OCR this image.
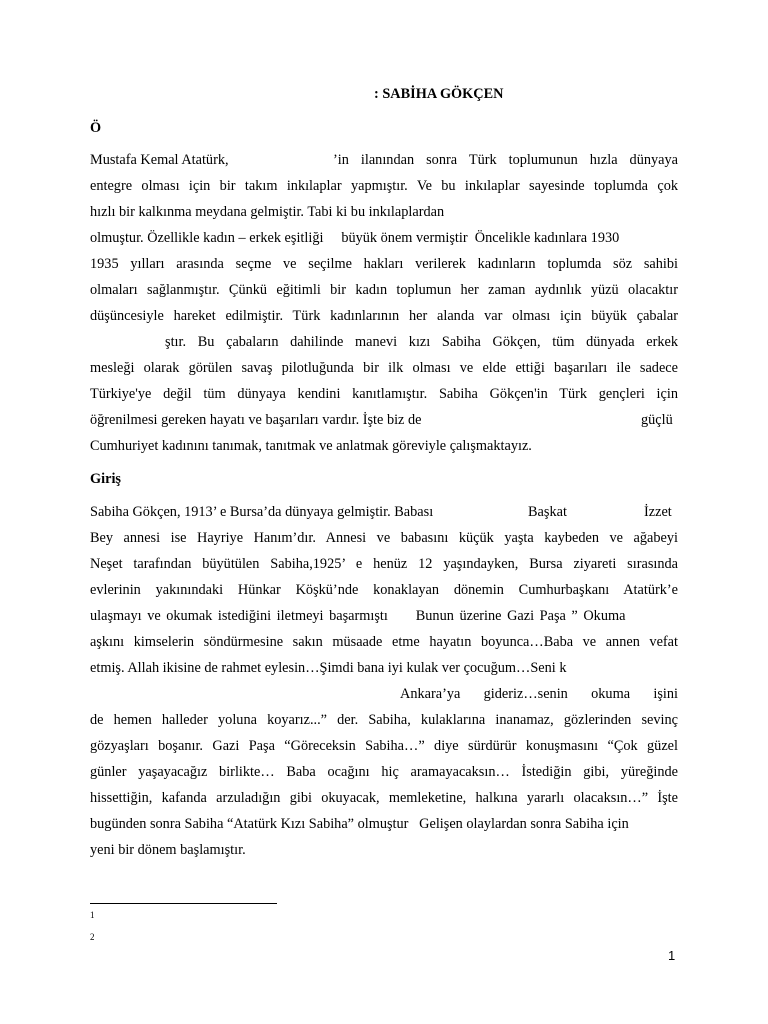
: SABİHA GÖKÇEN
Ö
Mustafa Kemal Atatürk,	’in ilanından sonra Türk toplumunun hızla dünyaya
entegre olması için bir takım inkılaplar yapmıştır. Ve bu inkılaplar sayesinde toplumda çok
hızlı bir kalkınma meydana gelmiştir. Tabi ki bu inkılaplardan
olmuştur. Özellikle kadın – erkek eşitliği     büyük önem vermiştir  Öncelikle kadınlara 1930
1935 yılları arasında seçme ve seçilme hakları verilerek kadınların toplumda söz sahibi
olmaları sağlanmıştır. Çünkü eğitimli bir kadın toplumun her zaman aydınlık yüzü olacaktır
düşüncesiyle hareket edilmiştir. Türk kadınlarının her alanda var olması için büyük çabalar
ştır. Bu çabaların dahilinde manevi kızı Sabiha Gökçen, tüm dünyada erkek
mesleği olarak görülen savaş pilotluğunda bir ilk olması ve elde ettiği başarıları ile sadece
Türkiye'ye değil tüm dünyaya kendini kanıtlamıştır. Sabiha Gökçen'in Türk gençleri için
öğrenilmesi gereken hayatı ve başarıları vardır. İşte biz de	güçlü
Cumhuriyet kadınını tanımak, tanıtmak ve anlatmak göreviyle çalışmaktayız.
Giriş
Sabiha Gökçen, 1913’ e Bursa’da dünyaya gelmiştir. Babası	Başkat	İzzet
Bey annesi ise Hayriye Hanım’dır. Annesi ve babasını küçük yaşta kaybeden ve ağabeyi
Neşet tarafından büyütülen Sabiha,1925’ e henüz 12 yaşındayken, Bursa ziyareti sırasında
evlerinin yakınındaki Hünkar Köşkü’nde konaklayan dönemin Cumhurbaşkanı Atatürk’e
ulaşmayı ve okumak istediğini iletmeyi başarmıştı     Bunun üzerine Gazi Paşa ” Okuma
aşkını kimselerin söndürmesine sakın müsaade etme hayatın boyunca…Baba ve annen vefat
etmiş. Allah ikisine de rahmet eylesin…Şimdi bana iyi kulak ver çocuğum…Seni k
Ankara’ya gideriz…senin okuma işini
de hemen halleder yoluna koyarız...” der. Sabiha, kulaklarına inanamaz, gözlerinden sevinç
gözyaşları boşanır. Gazi Paşa “Göreceksin Sabiha…” diye sürdürür konuşmasını “Çok güzel
günler yaşayacağız birlikte… Baba ocağını hiç aramayacaksın… İstediğin gibi, yüreğinde
hissettiğin, kafanda arzuladığın gibi okuyacak, memleketine, halkına yararlı olacaksın…” İşte
bugünden sonra Sabiha “Atatürk Kızı Sabiha” olmuştur   Gelişen olaylardan sonra Sabiha için
yeni bir dönem başlamıştır.
1
2
1
